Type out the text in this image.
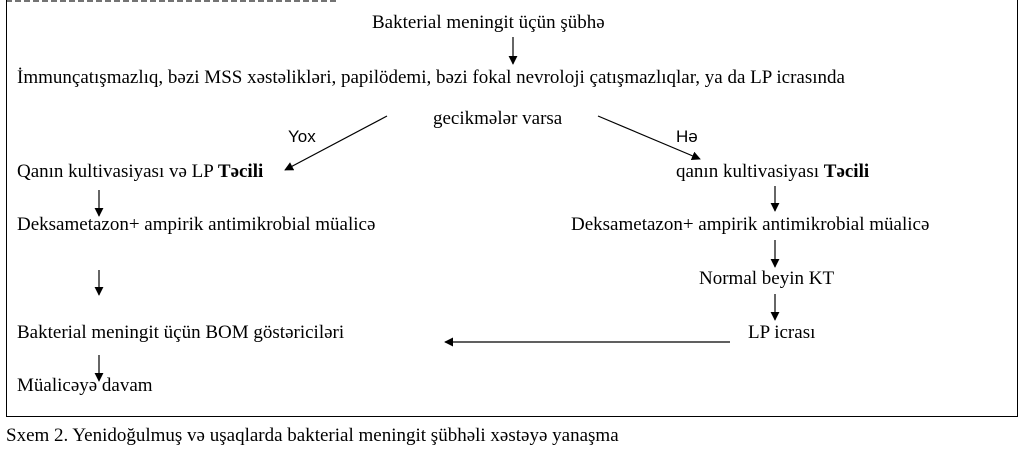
Bakterial meningit üçün şübhə
İmmunçatışmazlıq, bəzi MSS xəstəlikləri, papilödemi, bəzi fokal nevroloji çatışmazlıqlar, ya da LP icrasında
gecikmələr varsa
Yox	Hə
Qanın kultivasiyası və LP Təcili
Deksametazon+ ampirik antimikrobial müalicə
Bakterial meningit üçün BOM göstəriciləri
Müalicəyə davam
qanın kultivasiyası Təcili
Deksametazon+ ampirik antimikrobial müalicə
Normal beyin KT
LP icrası
Sxem 2. Yenidoğulmuş və uşaqlarda bakterial meningit şübhəli xəstəyə yanaşma
